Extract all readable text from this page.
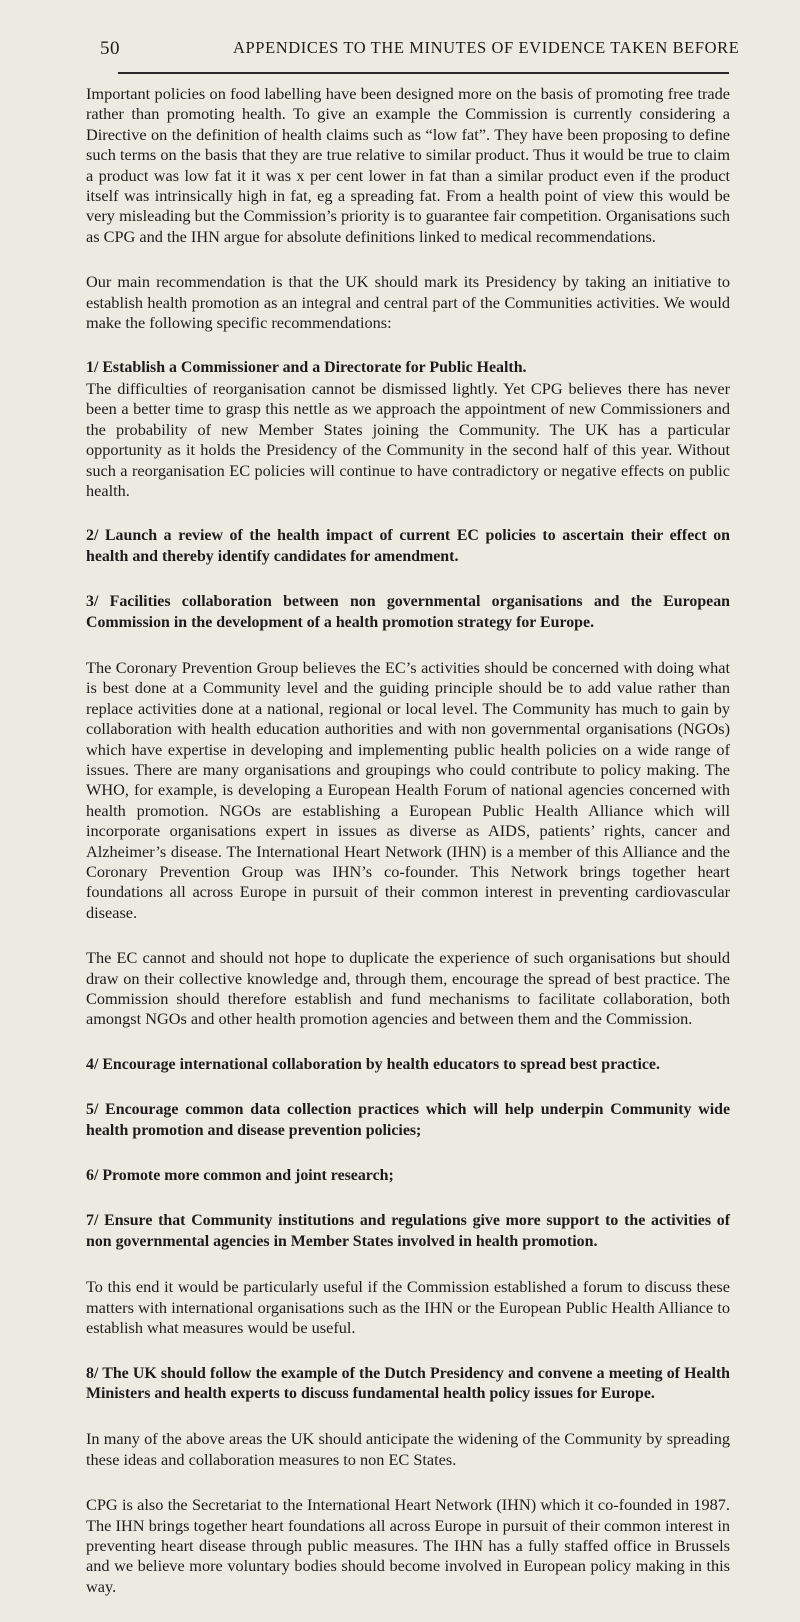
50	APPENDICES TO THE MINUTES OF EVIDENCE TAKEN BEFORE

Important policies on food labelling have been designed more on the basis of promoting free trade rather than promoting health. To give an example the Commission is currently considering a Directive on the definition of health claims such as “low fat”. They have been proposing to define such terms on the basis that they are true relative to similar product. Thus it would be true to claim a product was low fat it it was x per cent lower in fat than a similar product even if the product itself was intrinsically high in fat, eg a spreading fat. From a health point of view this would be very misleading but the Commission’s priority is to guarantee fair competition. Organisations such as CPG and the IHN argue for absolute definitions linked to medical recommendations.

Our main recommendation is that the UK should mark its Presidency by taking an initiative to establish health promotion as an integral and central part of the Communities activities. We would make the following specific recommendations:

1/ Establish a Commissioner and a Directorate for Public Health.

The difficulties of reorganisation cannot be dismissed lightly. Yet CPG believes there has never been a better time to grasp this nettle as we approach the appointment of new Commissioners and the probability of new Member States joining the Community. The UK has a particular opportunity as it holds the Presidency of the Community in the second half of this year. Without such a reorganisation EC policies will continue to have contradictory or negative effects on public health.

2/ Launch a review of the health impact of current EC policies to ascertain their effect on health and thereby identify candidates for amendment.

3/ Facilities collaboration between non governmental organisations and the European Commission in the development of a health promotion strategy for Europe.

The Coronary Prevention Group believes the EC’s activities should be concerned with doing what is best done at a Community level and the guiding principle should be to add value rather than replace activities done at a national, regional or local level. The Community has much to gain by collaboration with health education authorities and with non governmental organisations (NGOs) which have expertise in developing and implementing public health policies on a wide range of issues. There are many organisations and groupings who could contribute to policy making. The WHO, for example, is developing a European Health Forum of national agencies concerned with health promotion. NGOs are establishing a European Public Health Alliance which will incorporate organisations expert in issues as diverse as AIDS, patients’ rights, cancer and Alzheimer’s disease. The International Heart Network (IHN) is a member of this Alliance and the Coronary Prevention Group was IHN’s co-founder. This Network brings together heart foundations all across Europe in pursuit of their common interest in preventing cardiovascular disease.

The EC cannot and should not hope to duplicate the experience of such organisations but should draw on their collective knowledge and, through them, encourage the spread of best practice. The Commission should therefore establish and fund mechanisms to facilitate collaboration, both amongst NGOs and other health promotion agencies and between them and the Commission.

4/ Encourage international collaboration by health educators to spread best practice.

5/ Encourage common data collection practices which will help underpin Community wide health promotion and disease prevention policies;

6/ Promote more common and joint research;

7/ Ensure that Community institutions and regulations give more support to the activities of non governmental agencies in Member States involved in health promotion.

To this end it would be particularly useful if the Commission established a forum to discuss these matters with international organisations such as the IHN or the European Public Health Alliance to establish what measures would be useful.

8/ The UK should follow the example of the Dutch Presidency and convene a meeting of Health Ministers and health experts to discuss fundamental health policy issues for Europe.

In many of the above areas the UK should anticipate the widening of the Community by spreading these ideas and collaboration measures to non EC States.

CPG is also the Secretariat to the International Heart Network (IHN) which it co-founded in 1987. The IHN brings together heart foundations all across Europe in pursuit of their common interest in preventing heart disease through public measures. The IHN has a fully staffed office in Brussels and we believe more voluntary bodies should become involved in European policy making in this way.
